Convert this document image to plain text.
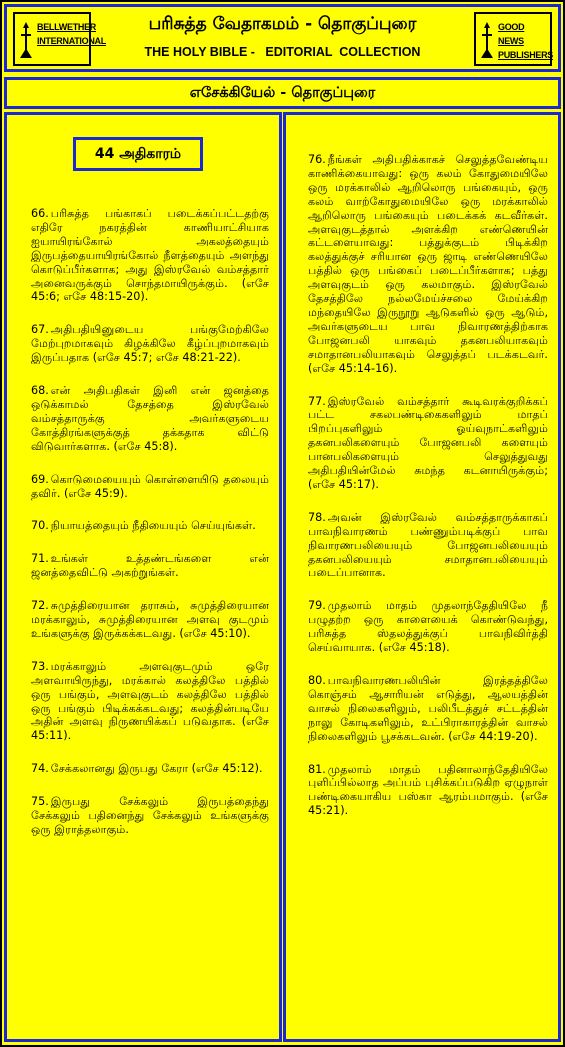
BELLWETHER
INTERNATIONAL
பரிசுத்த வேதாகமம் - தொகுப்புரை
THE HOLY BIBLE -   EDITORIAL  COLLECTION
GOOD NEWS
PUBLISHERS
எசேக்கியேல் - தொகுப்புரை
44 அதிகாரம்
66. பரிசுத்த பங்காகப் படைக்கப்பட்டதற்கு எதிரே நகரத்தின் காணியாட்சியாக ஐயாயிரங்கோல் அகலத்தையும் இருபத்தையாயிரங்கோல் நீளத்தையும் அளந்து கொடுப்பீர்களாக; அது இஸ்ரவேல் வம்சத்தார் அனைவருக்கும் சொந்தமாயிருக்கும். (எசே 45:6; எசே 48:15-20).
67. அதிபதியினுடைய பங்குமேற்கிலே மேற்புறமாகவும் கிழக்கிலே கீழ்ப்புறமாகவும் இருப்பதாக (எசே 45:7; எசே 48:21-22).
68. என் அதிபதிகள் இனி என் ஜனத்தை ஒடுக்காமல் தேசத்தை இஸ்ரவேல் வம்சத்தாருக்கு அவர்களுடைய கோத்திரங்களுக்குத் தக்கதாக விட்டு விடுவார்களாக. (எசே 45:8).
69. கொடுமையையும் கொள்ளையிடு தலையும் தவிர். (எசே 45:9).
70. நியாயத்தையும் நீதியையும் செய்யுங்கள்.
71. உங்கள் உத்தண்டங்களை என் ஜனத்தைவிட்டு அகற்றுங்கள்.
72. சுமுத்திரையான தராசும், சுமுத்திரையான மரக்காலும், சுமுத்திரையான அளவு குடமும் உங்களுக்கு இருக்கக்கடவது. (எசே 45:10).
73. மரக்காலும் அளவுகுடமும் ஒரே அளவாயிருந்து, மரக்கால் கலத்திலே பத்தில் ஒரு பங்கும், அளவுகுடம் கலத்திலே பத்தில் ஒரு பங்கும் பிடிக்கக்கடவது; கலத்தின்படியே அதின் அளவு நிருணயிக்கப் படுவதாக. (எசே 45:11).
74. சேக்கலானது இருபது கேரா (எசே 45:12).
75. இருபது சேக்கலும் இருபத்தைந்து சேக்கலும் பதினைந்து சேக்கலும் உங்களுக்கு ஒரு இராத்தலாகும்.
76. நீங்கள் அதிபதிக்காகச் செலுத்தவேண்டிய காணிக்கையாவது: ஒரு கலம் கோதுமையிலே ஒரு மரக்காலில் ஆறிலொரு பங்கையும், ஒரு கலம் வாற்கோதுமையிலே ஒரு மரக்காலில் ஆறிலொரு பங்கையும் படைக்கக் கடவீர்கள். அளவுகுடத்தால் அளக்கிற எண்ணெயின் கட்டளையாவது: பத்துக்குடம் பிடிக்கிற கலத்துக்குச் சரியான ஒரு ஜாடி எண்ணெயிலே பத்தில் ஒரு பங்கைப் படைப்பீர்களாக; பத்து அளவுகுடம் ஒரு கலமாகும். இஸ்ரவேல் தேசத்திலே நல்லமேய்ச்சலை மேய்க்கிற மந்தையிலே இருநூறு ஆடுகளில் ஒரு ஆடும், அவர்களுடைய பாவ நிவாரணத்திற்காக போஜனபலி யாகவும் தகனபலியாகவும் சமாதானபலியாகவும் செலுத்தப் படக்கடவர். (எசே 45:14-16).
77. இஸ்ரவேல் வம்சத்தார் கூடிவரக்குறிக்கப் பட்ட சகலபண்டிகைகளிலும் மாதப் பிறப்புகளிலும் ஓய்வுநாட்களிலும் தகனபலிகளையும் போஜனபலி களையும் பானபலிகளையும் செலுத்துவது அதிபதியின்மேல் சுமந்த கடனாயிருக்கும்; (எசே 45:17).
78. அவன் இஸ்ரவேல் வம்சத்தாருக்காகப் பாவநிவாரணம் பண்ணும்படிக்குப் பாவ நிவாரணபலியையும் போஜனபலியையும் தகனபலியையும் சமாதானபலியையும் படைப்பானாக.
79. முதலாம் மாதம் முதலாந்தேதியிலே நீ பழுதற்ற ஒரு காளையைக் கொண்டுவந்து, பரிசுத்த ஸ்தலத்துக்குப் பாவநிவிர்த்தி செய்வாயாக. (எசே 45:18).
80. பாவநிவாரணபலியின் இரத்தத்திலே கொஞ்சம் ஆசாரியன் எடுத்து, ஆலயத்தின் வாசல் நிலைகளிலும், பலிபீடத்துச் சட்டத்தின் நாலு கோடிகளிலும், உட்பிராகாரத்தின் வாசல் நிலைகளிலும் பூசக்கடவன். (எசே 44:19-20).
81. முதலாம் மாதம் பதினாலாந்தேதியிலே புளிப்பில்லாத அப்பம் புசிக்கப்படுகிற ஏழுநாள் பண்டிகையாகிய பஸ்கா ஆரம்பமாகும். (எசே 45:21).
